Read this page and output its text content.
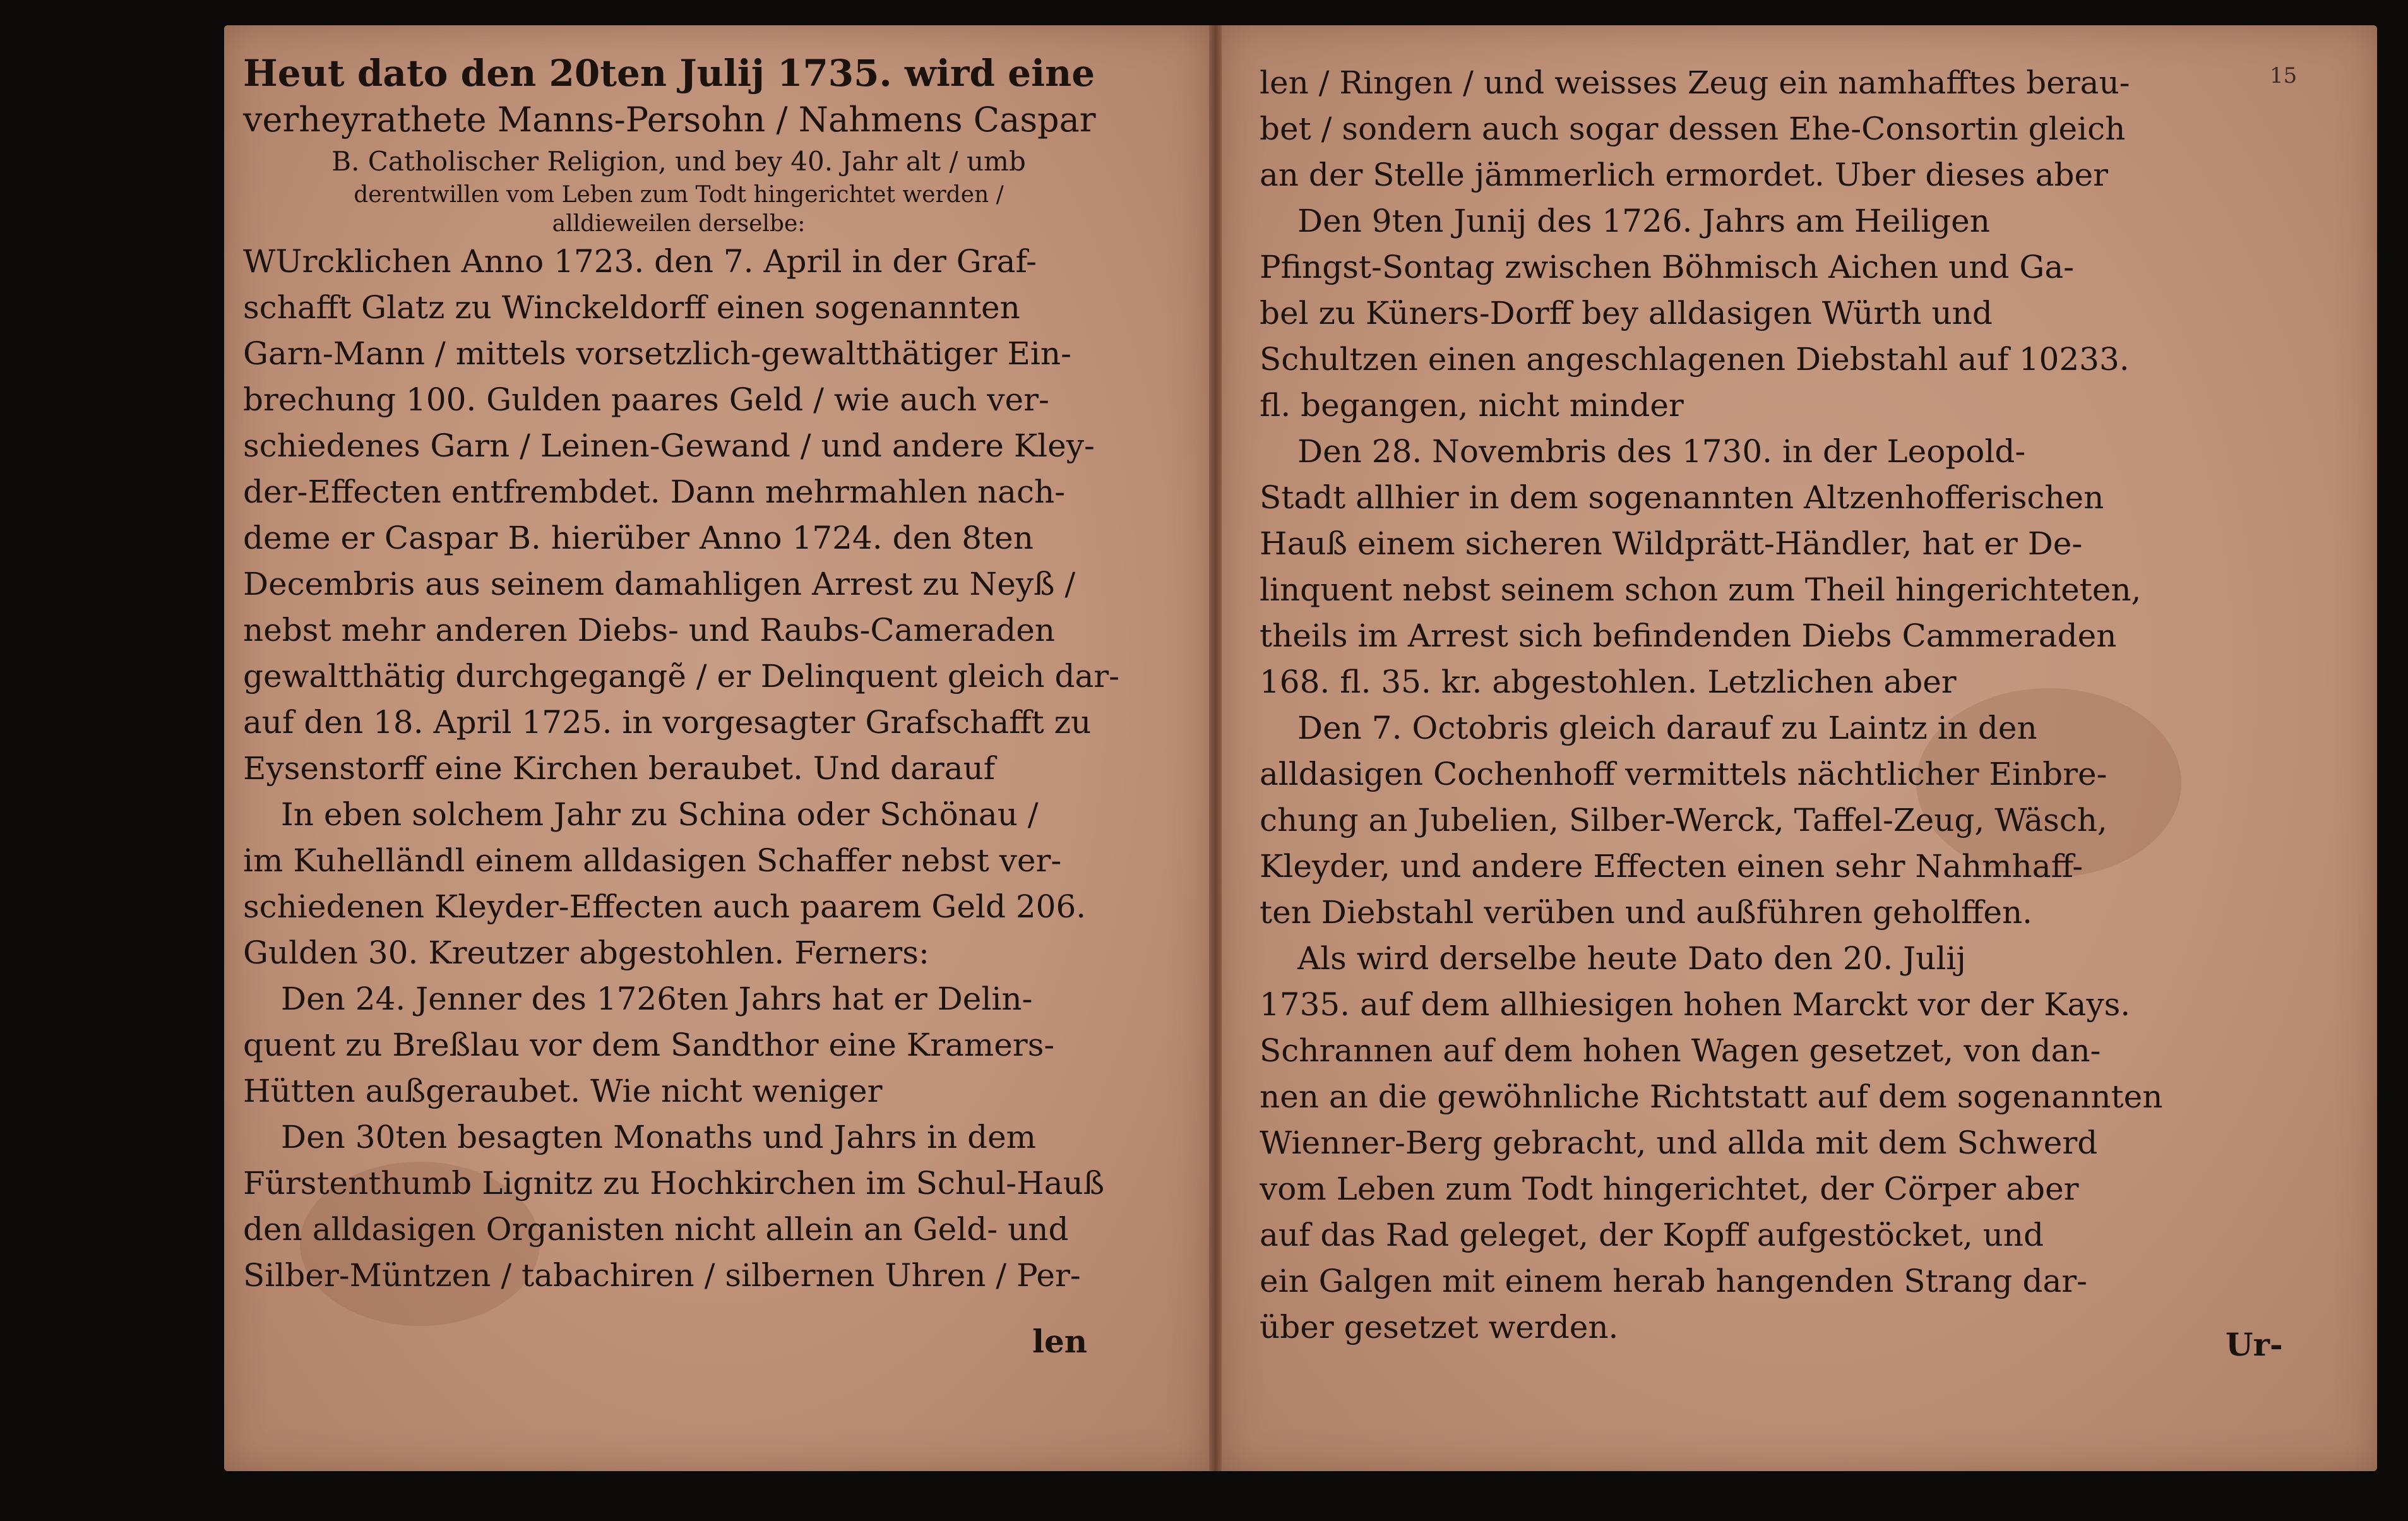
Heut dato den 20ten Julij 1735. wird eine
verheyrathete Manns-Persohn / Nahmens Caspar
B. Catholischer Religion, und bey 40. Jahr alt / umb
derentwillen vom Leben zum Todt hingerichtet werden /
alldieweilen derselbe:
WUrcklichen Anno 1723. den 7. April in der Graf-
schafft Glatz zu Winckeldorff einen sogenannten
Garn-Mann / mittels vorsetzlich-gewaltthätiger Ein-
brechung 100. Gulden paares Geld / wie auch ver-
schiedenes Garn / Leinen-Gewand / und andere Kley-
der-Effecten entfrembdet. Dann mehrmahlen nach-
deme er Caspar B. hierüber Anno 1724. den 8ten
Decembris aus seinem damahligen Arrest zu Neyß /
nebst mehr anderen Diebs- und Raubs-Cameraden
gewaltthätig durchgegangẽ / er Delinquent gleich dar-
auf den 18. April 1725. in vorgesagter Grafschafft zu
Eysenstorff eine Kirchen beraubet. Und darauf
In eben solchem Jahr zu Schina oder Schönau /
im Kuhelländl einem alldasigen Schaffer nebst ver-
schiedenen Kleyder-Effecten auch paarem Geld 206.
Gulden 30. Kreutzer abgestohlen. Ferners:
Den 24. Jenner des 1726ten Jahrs hat er Delin-
quent zu Breßlau vor dem Sandthor eine Kramers-
Hütten außgeraubet. Wie nicht weniger
Den 30ten besagten Monaths und Jahrs in dem
Fürstenthumb Lignitz zu Hochkirchen im Schul-Hauß
den alldasigen Organisten nicht allein an Geld- und
Silber-Müntzen / tabachiren / silbernen Uhren / Per-
len
15
len / Ringen / und weisses Zeug ein namhafftes berau-
bet / sondern auch sogar dessen Ehe-Consortin gleich
an der Stelle jämmerlich ermordet. Uber dieses aber
Den 9ten Junij des 1726. Jahrs am Heiligen
Pfingst-Sontag zwischen Böhmisch Aichen und Ga-
bel zu Küners-Dorff bey alldasigen Würth und
Schultzen einen angeschlagenen Diebstahl auf 10233.
fl. begangen, nicht minder
Den 28. Novembris des 1730. in der Leopold-
Stadt allhier in dem sogenannten Altzenhofferischen
Hauß einem sicheren Wildprätt-Händler, hat er De-
linquent nebst seinem schon zum Theil hingerichteten,
theils im Arrest sich befindenden Diebs Cammeraden
168. fl. 35. kr. abgestohlen. Letzlichen aber
Den 7. Octobris gleich darauf zu Laintz in den
alldasigen Cochenhoff vermittels nächtlicher Einbre-
chung an Jubelien, Silber-Werck, Taffel-Zeug, Wäsch,
Kleyder, und andere Effecten einen sehr Nahmhaff-
ten Diebstahl verüben und außführen geholffen.
Als wird derselbe heute Dato den 20. Julij
1735. auf dem allhiesigen hohen Marckt vor der Kays.
Schrannen auf dem hohen Wagen gesetzet, von dan-
nen an die gewöhnliche Richtstatt auf dem sogenannten
Wienner-Berg gebracht, und allda mit dem Schwerd
vom Leben zum Todt hingerichtet, der Cörper aber
auf das Rad geleget, der Kopff aufgestöcket, und
ein Galgen mit einem herab hangenden Strang dar-
über gesetzet werden.	Ur-
